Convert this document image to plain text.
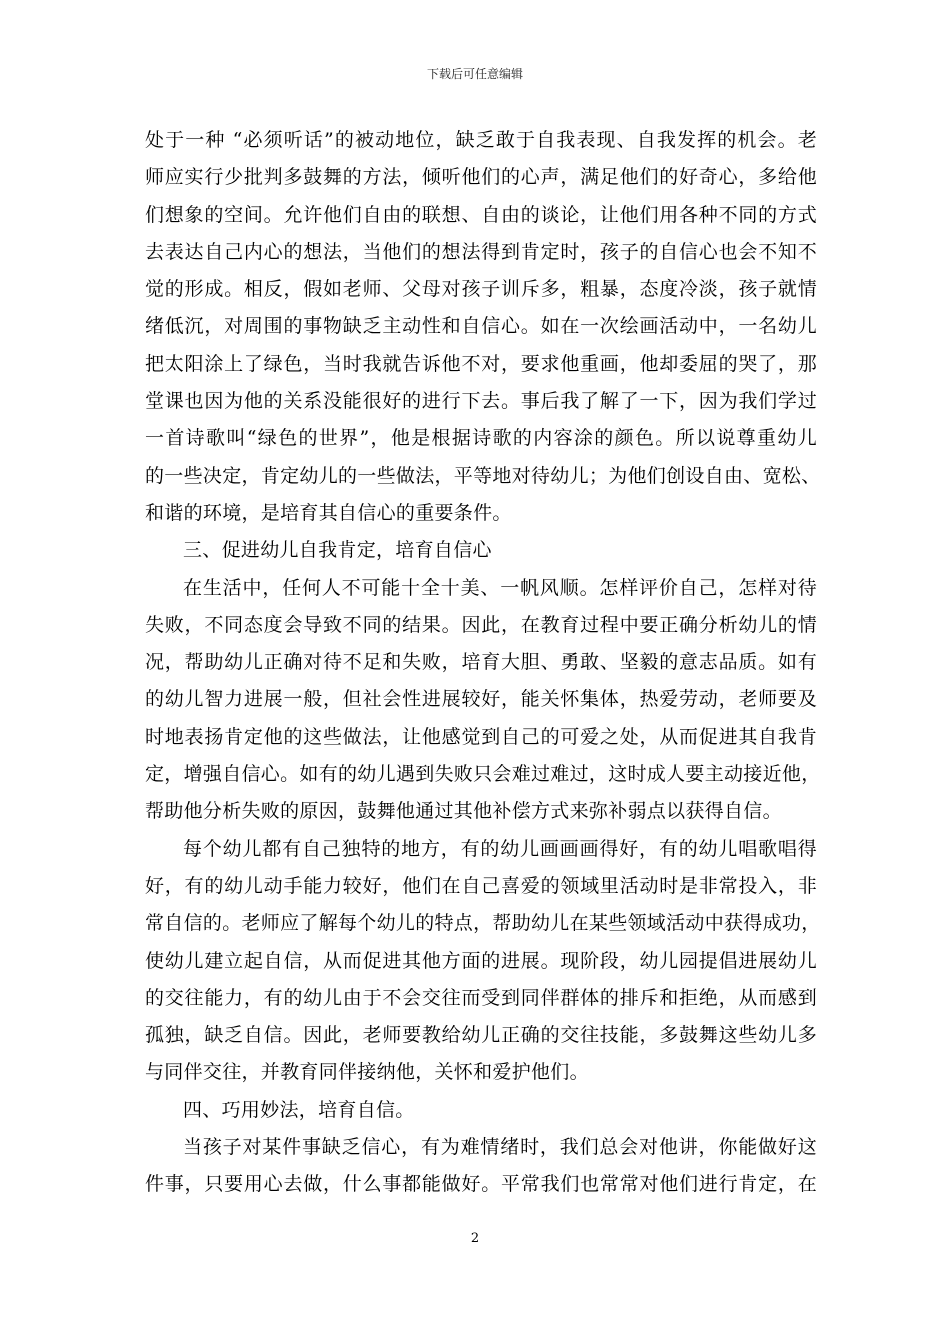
下载后可任意编辑
处于一种 “必须听话”的被动地位，缺乏敢于自我表现、自我发挥的机会。老
师应实行少批判多鼓舞的方法，倾听他们的心声，满足他们的好奇心，多给他
们想象的空间。允许他们自由的联想、自由的谈论，让他们用各种不同的方式
去表达自己内心的想法，当他们的想法得到肯定时，孩子的自信心也会不知不
觉的形成。相反，假如老师、父母对孩子训斥多，粗暴，态度冷淡，孩子就情
绪低沉，对周围的事物缺乏主动性和自信心。如在一次绘画活动中，一名幼儿
把太阳涂上了绿色，当时我就告诉他不对，要求他重画，他却委屈的哭了，那
堂课也因为他的关系没能很好的进行下去。事后我了解了一下，因为我们学过
一首诗歌叫“绿色的世界”，他是根据诗歌的内容涂的颜色。所以说尊重幼儿
的一些决定，肯定幼儿的一些做法，平等地对待幼儿；为他们创设自由、宽松、
和谐的环境，是培育其自信心的重要条件。
三、促进幼儿自我肯定，培育自信心
在生活中，任何人不可能十全十美、一帆风顺。怎样评价自己，怎样对待
失败，不同态度会导致不同的结果。因此，在教育过程中要正确分析幼儿的情
况，帮助幼儿正确对待不足和失败，培育大胆、勇敢、坚毅的意志品质。如有
的幼儿智力进展一般，但社会性进展较好，能关怀集体，热爱劳动，老师要及
时地表扬肯定他的这些做法，让他感觉到自己的可爱之处，从而促进其自我肯
定，增强自信心。如有的幼儿遇到失败只会难过难过，这时成人要主动接近他，
帮助他分析失败的原因，鼓舞他通过其他补偿方式来弥补弱点以获得自信。
每个幼儿都有自己独特的地方，有的幼儿画画画得好，有的幼儿唱歌唱得
好，有的幼儿动手能力较好，他们在自己喜爱的领域里活动时是非常投入，非
常自信的。老师应了解每个幼儿的特点，帮助幼儿在某些领域活动中获得成功，
使幼儿建立起自信，从而促进其他方面的进展。现阶段，幼儿园提倡进展幼儿
的交往能力，有的幼儿由于不会交往而受到同伴群体的排斥和拒绝，从而感到
孤独，缺乏自信。因此，老师要教给幼儿正确的交往技能，多鼓舞这些幼儿多
与同伴交往，并教育同伴接纳他，关怀和爱护他们。
四、巧用妙法，培育自信。
当孩子对某件事缺乏信心，有为难情绪时，我们总会对他讲，你能做好这
件事，只要用心去做，什么事都能做好。平常我们也常常对他们进行肯定，在
2
